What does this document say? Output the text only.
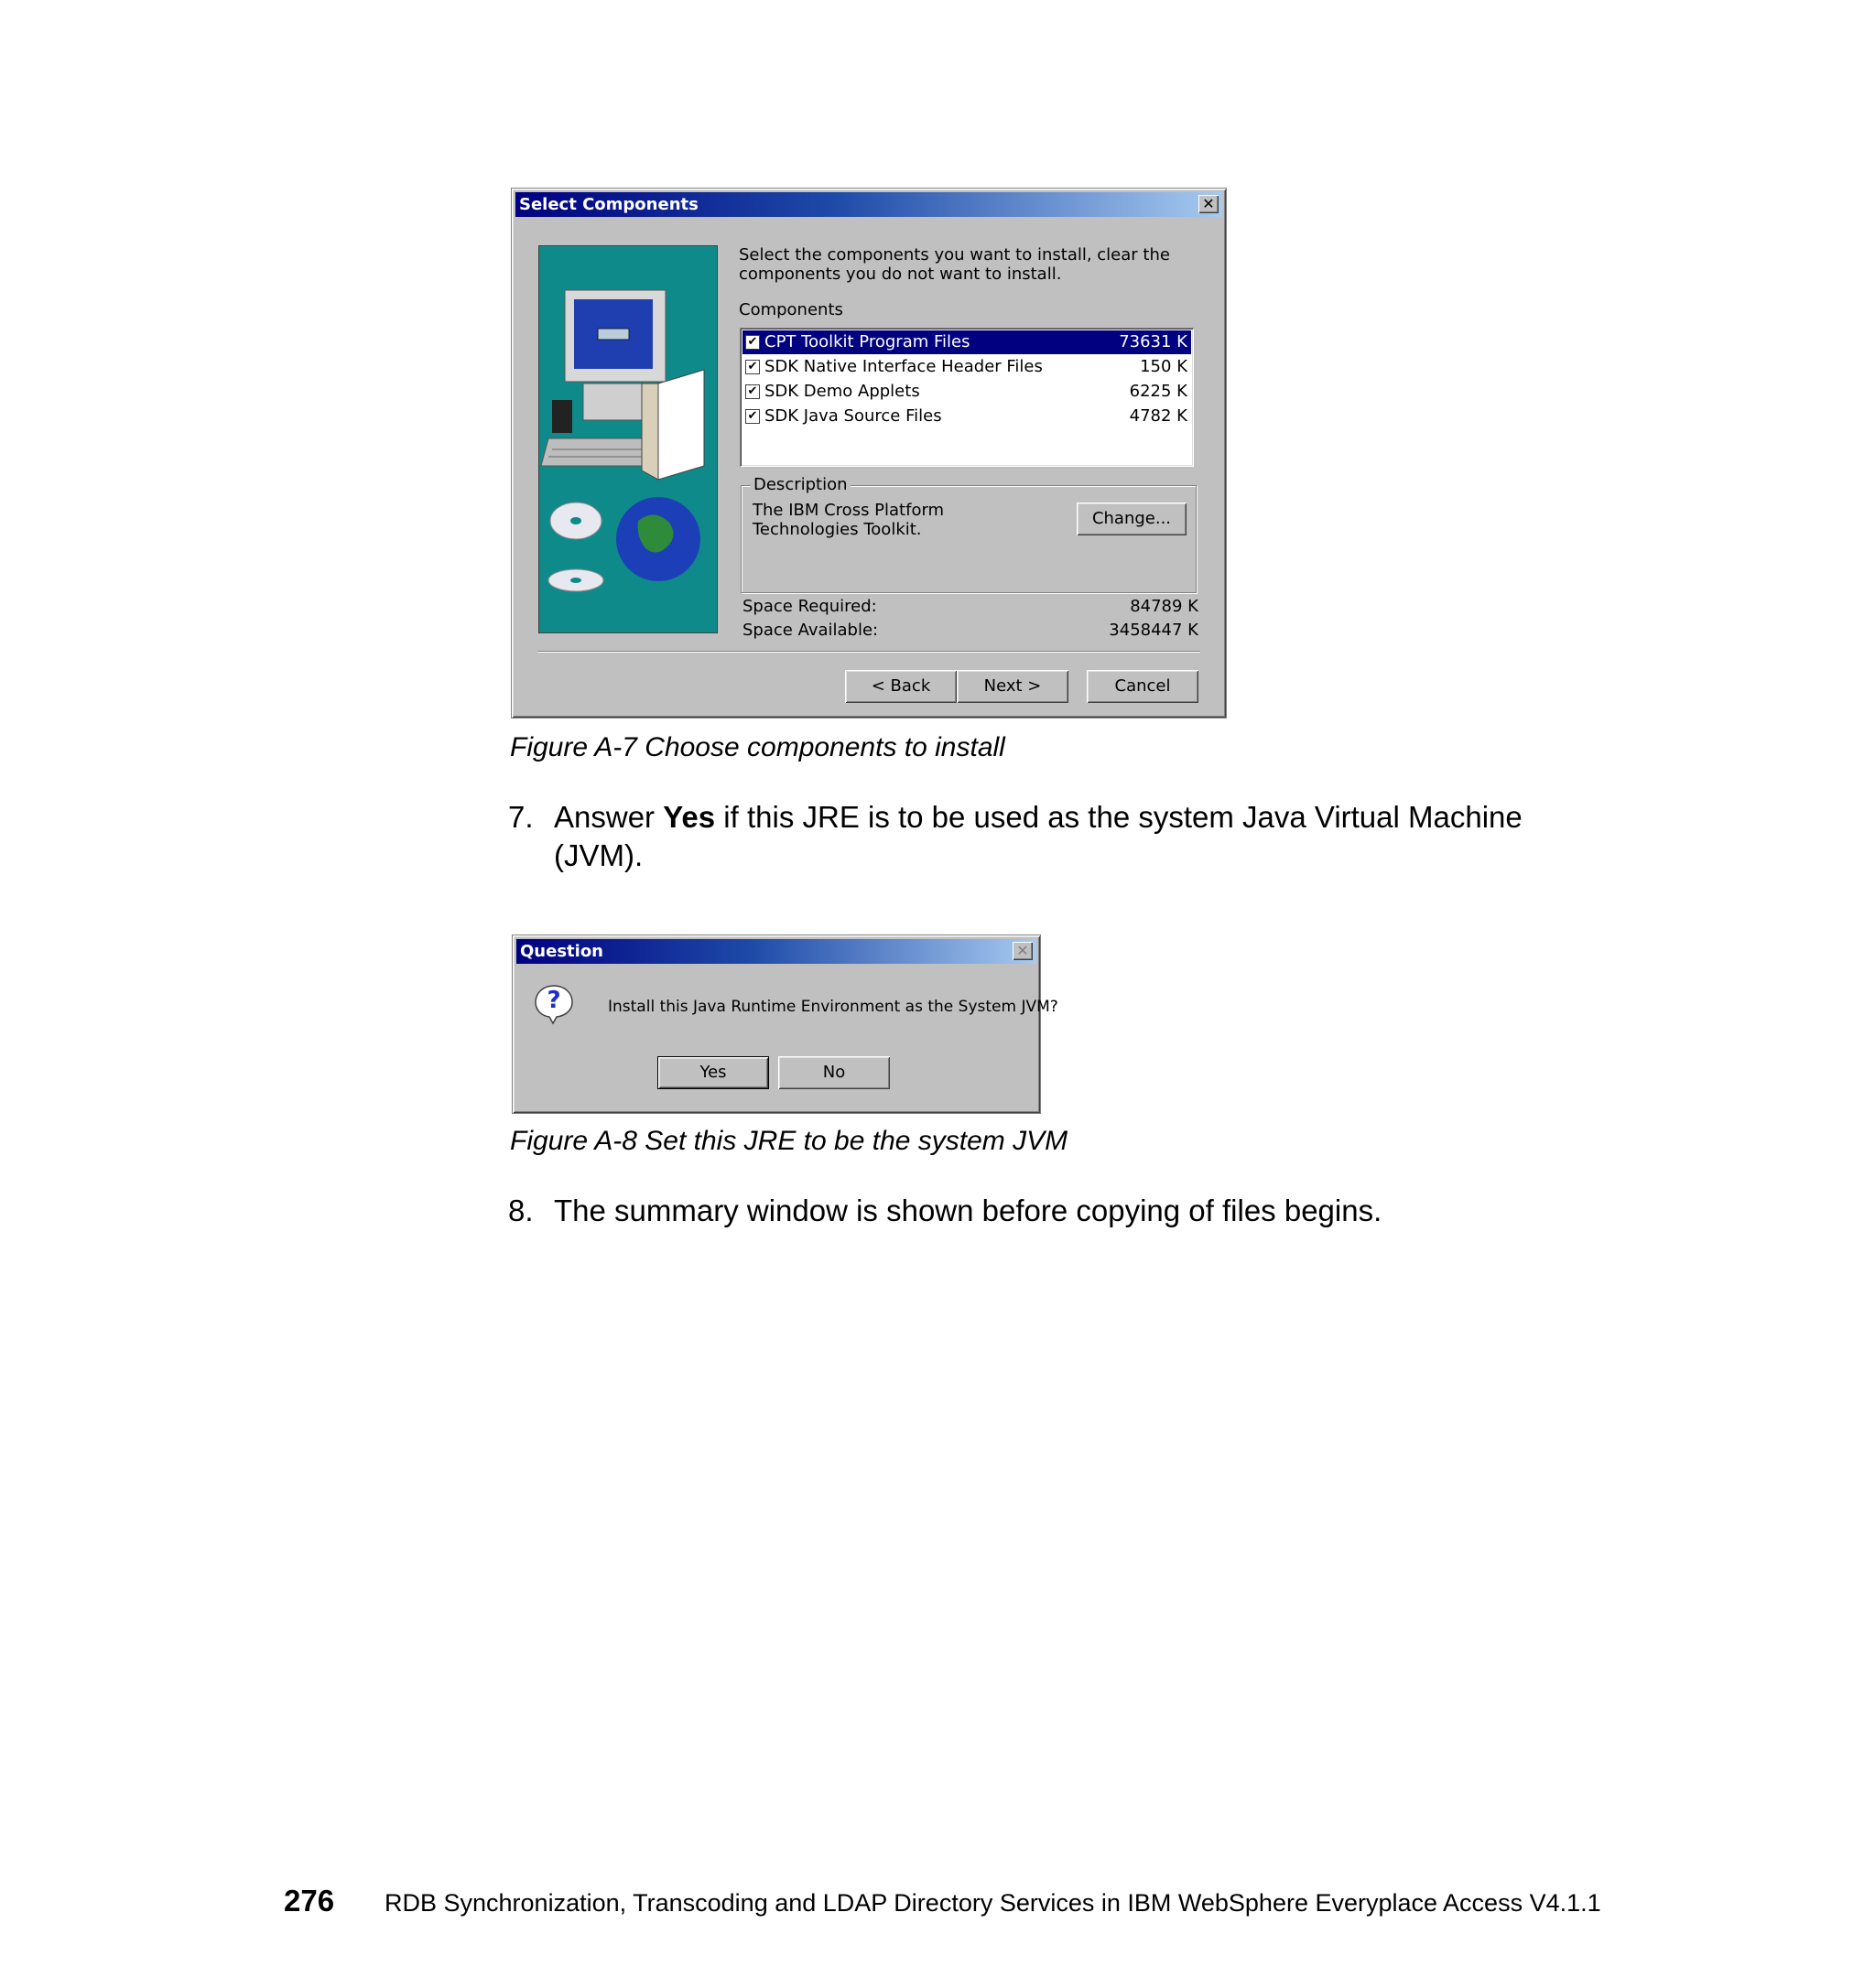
Select Components	✕
Select the components you want to install, clear the components you do not want to install.
Components
✔ CPT Toolkit Program Files	73631 K
✔ SDK Native Interface Header Files	150 K
✔ SDK Demo Applets	6225 K
✔ SDK Java Source Files	4782 K
Description
The IBM Cross Platform Technologies Toolkit.
Change...
Space Required:	84789 K
Space Available:	3458447 K
< Back	Next >	Cancel
Figure A-7 Choose components to install
7. Answer Yes if this JRE is to be used as the system Java Virtual Machine (JVM).
Question	✕
?	Install this Java Runtime Environment as the System JVM?
Yes	No
Figure A-8 Set this JRE to be the system JVM
8. The summary window is shown before copying of files begins.
276 RDB Synchronization, Transcoding and LDAP Directory Services in IBM WebSphere Everyplace Access V4.1.1
